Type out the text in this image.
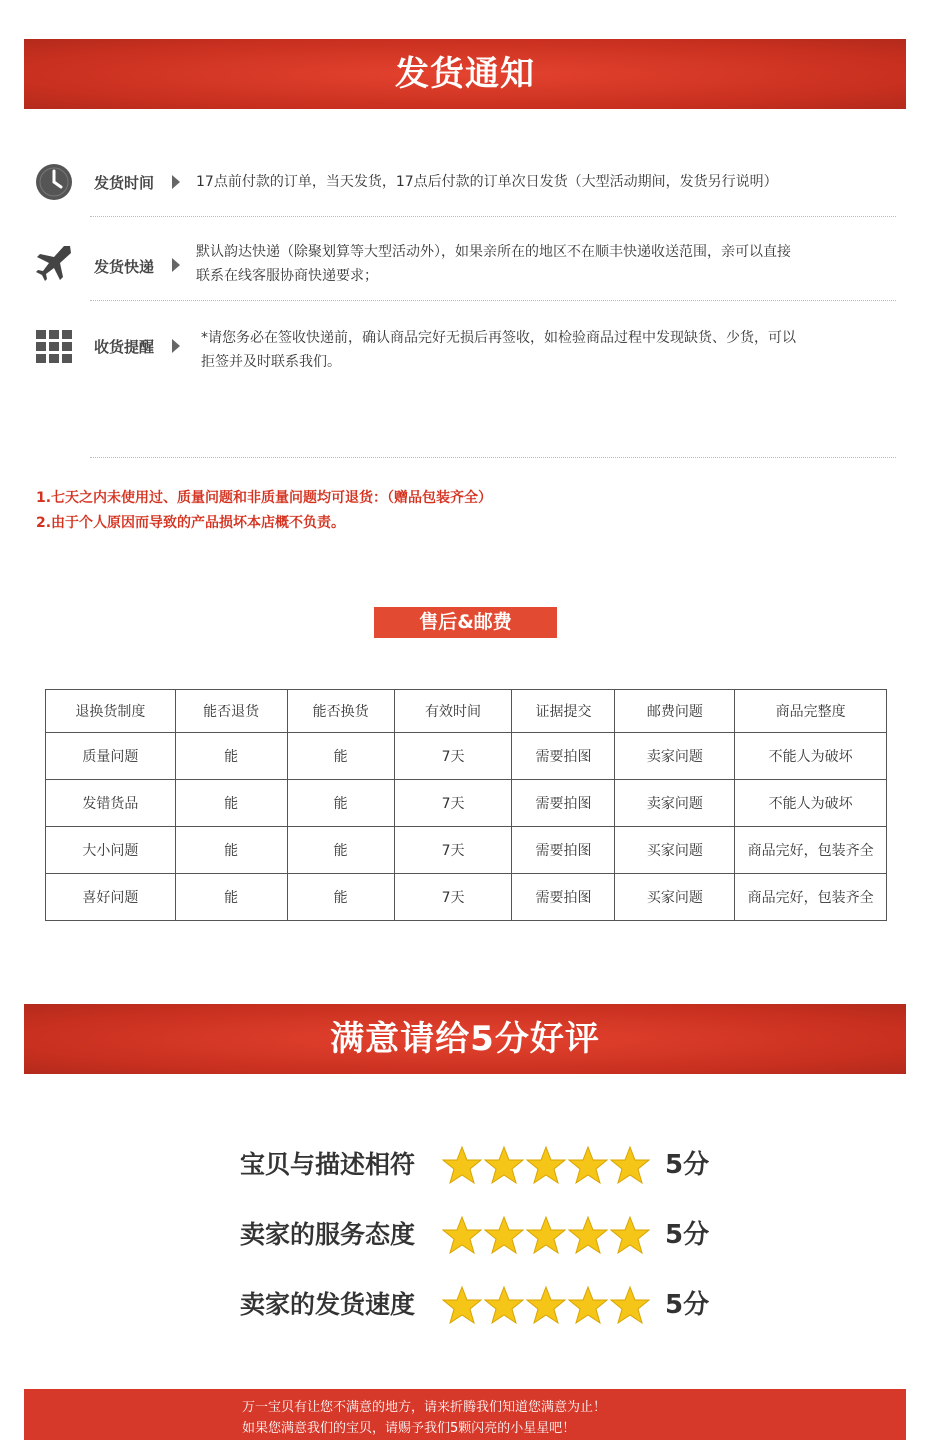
发货通知
发货时间	17点前付款的订单，当天发货，17点后付款的订单次日发货（大型活动期间，发货另行说明）
发货快递
默认韵达快递（除聚划算等大型活动外），如果亲所在的地区不在顺丰快递收送范围，亲可以直接
联系在线客服协商快递要求；
收货提醒	*请您务必在签收快递前，确认商品完好无损后再签收，如检验商品过程中发现缺货、少货，可以
拒签并及时联系我们。
1.七天之内未使用过、质量问题和非质量问题均可退货：（赠品包装齐全）
2.由于个人原因而导致的产品损坏本店概不负责。
售后&邮费
退换货制度	能否退货	能否换货	有效时间	证据提交	邮费问题	商品完整度
质量问题	能	能	7天	需要拍图	卖家问题	不能人为破坏
发错货品	能	能	7天	需要拍图	卖家问题	不能人为破坏
大小问题	能	能	7天	需要拍图	买家问题	商品完好，包装齐全
喜好问题	能	能	7天	需要拍图	买家问题	商品完好，包装齐全
满意请给5分好评
宝贝与描述相符	5分
卖家的服务态度	5分
卖家的发货速度	5分
万一宝贝有让您不满意的地方，请来折腾我们知道您满意为止！
如果您满意我们的宝贝，请赐予我们5颗闪亮的小星星吧！
